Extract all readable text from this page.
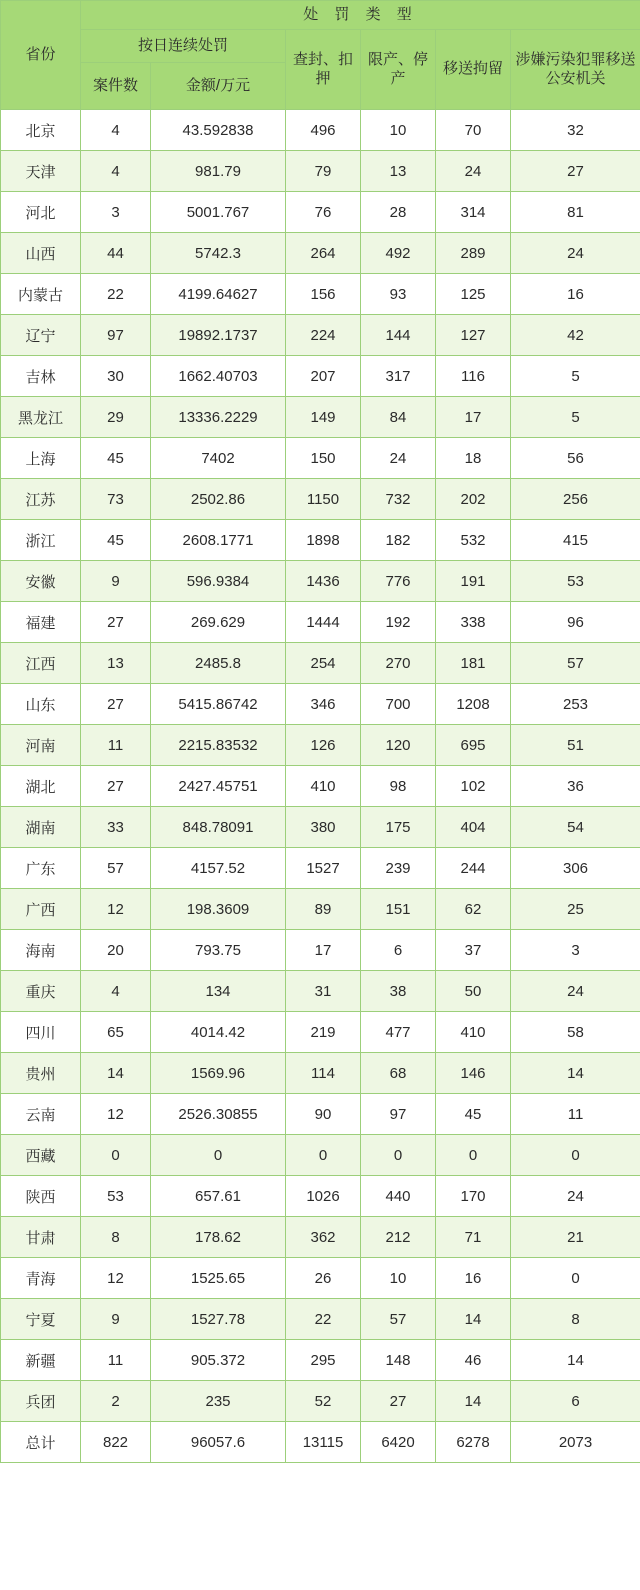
省份	处 罚 类 型					
	按日连续处罚		查封、扣押	限产、停产	移送拘留	涉嫌污染犯罪移送公安机关
	案件数	金额/万元				
北京	4	43.592838	496	10	70	32
天津	4	981.79	79	13	24	27
河北	3	5001.767	76	28	314	81
山西	44	5742.3	264	492	289	24
内蒙古	22	4199.64627	156	93	125	16
辽宁	97	19892.1737	224	144	127	42
吉林	30	1662.40703	207	317	116	5
黑龙江	29	13336.2229	149	84	17	5
上海	45	7402	150	24	18	56
江苏	73	2502.86	1150	732	202	256
浙江	45	2608.1771	1898	182	532	415
安徽	9	596.9384	1436	776	191	53
福建	27	269.629	1444	192	338	96
江西	13	2485.8	254	270	181	57
山东	27	5415.86742	346	700	1208	253
河南	11	2215.83532	126	120	695	51
湖北	27	2427.45751	410	98	102	36
湖南	33	848.78091	380	175	404	54
广东	57	4157.52	1527	239	244	306
广西	12	198.3609	89	151	62	25
海南	20	793.75	17	6	37	3
重庆	4	134	31	38	50	24
四川	65	4014.42	219	477	410	58
贵州	14	1569.96	114	68	146	14
云南	12	2526.30855	90	97	45	11
西藏	0	0	0	0	0	0
陕西	53	657.61	1026	440	170	24
甘肃	8	178.62	362	212	71	21
青海	12	1525.65	26	10	16	0
宁夏	9	1527.78	22	57	14	8
新疆	11	905.372	295	148	46	14
兵团	2	235	52	27	14	6
总计	822	96057.6	13115	6420	6278	2073
